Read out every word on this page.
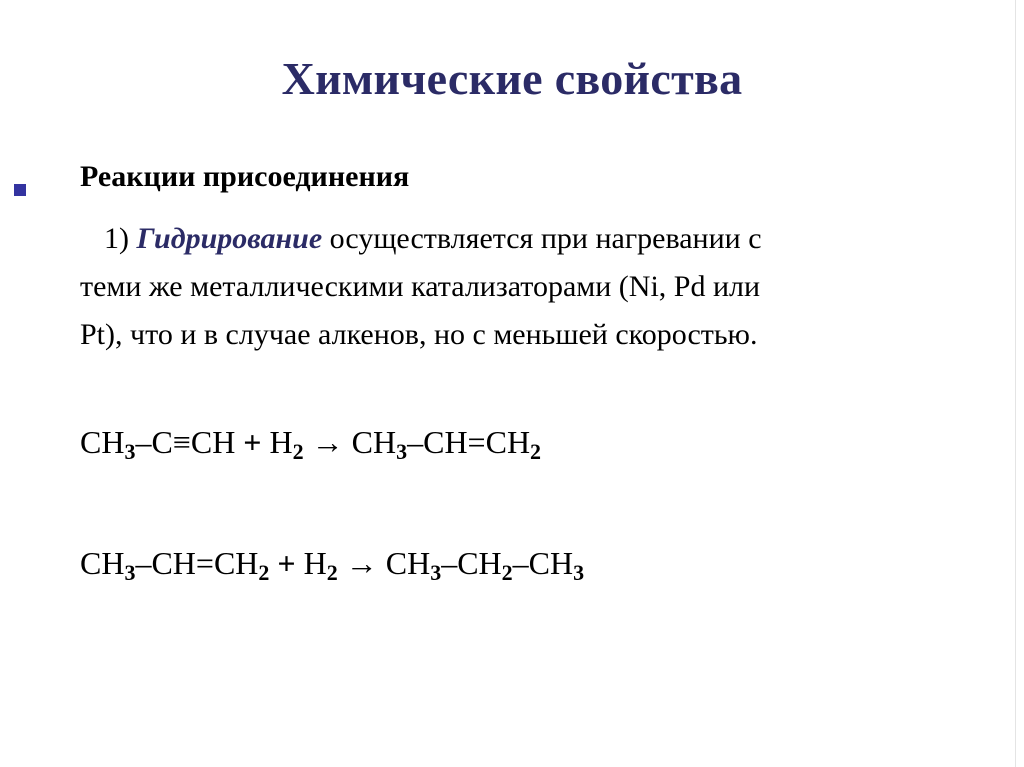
Химические свойства
Реакции присоединения
1) Гидрирование осуществляется при нагревании с
теми же металлическими катализаторами (Ni, Pd или
Pt), что и в случае алкенов, но с меньшей скоростью.
CH3–C≡CH + H2 → CH3–CH=CH2
CH3–CH=CH2 + H2 → CH3–CH2–CH3
